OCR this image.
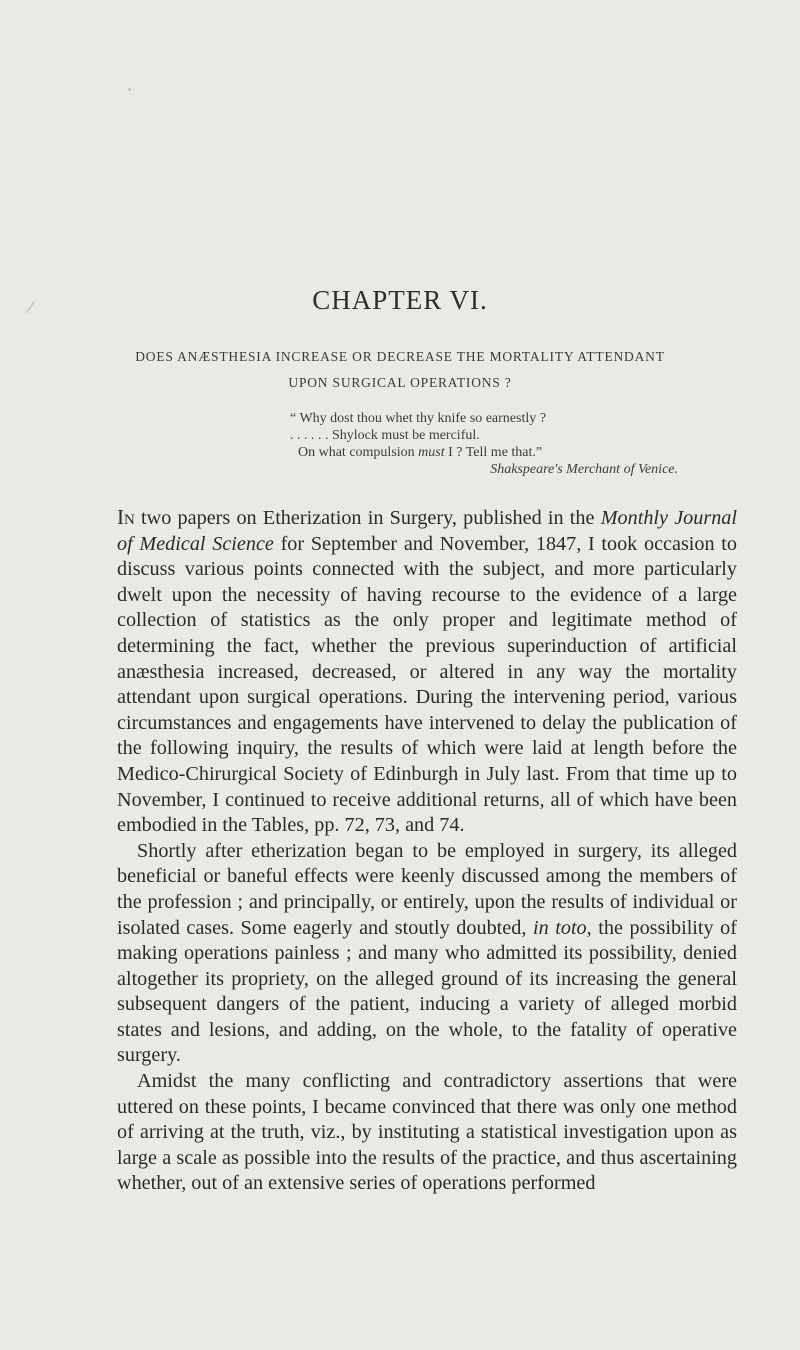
CHAPTER VI.
DOES ANÆSTHESIA INCREASE OR DECREASE THE MORTALITY ATTENDANT
UPON SURGICAL OPERATIONS ?
“ Why dost thou whet thy knife so earnestly ?
. . . . . . Shylock must be merciful.
On what compulsion must I ? Tell me that.”
Shakspeare's Merchant of Venice.

In two papers on Etherization in Surgery, published in the Monthly Journal of Medical Science for September and November, 1847, I took occasion to discuss various points connected with the subject, and more particularly dwelt upon the necessity of having recourse to the evidence of a large collection of statistics as the only proper and legitimate method of determining the fact, whether the previous superinduction of artificial anæsthesia increased, decreased, or altered in any way the mortality attendant upon surgical operations. During the intervening period, various circumstances and engagements have intervened to delay the publication of the following inquiry, the results of which were laid at length before the Medico-Chirurgical Society of Edinburgh in July last. From that time up to November, I continued to receive additional returns, all of which have been embodied in the Tables, pp. 72, 73, and 74.

Shortly after etherization began to be employed in surgery, its alleged beneficial or baneful effects were keenly discussed among the members of the profession ; and principally, or entirely, upon the results of individual or isolated cases. Some eagerly and stoutly doubted, in toto, the possibility of making operations painless ; and many who admitted its possibility, denied altogether its propriety, on the alleged ground of its increasing the general subsequent dangers of the patient, inducing a variety of alleged morbid states and lesions, and adding, on the whole, to the fatality of operative surgery.

Amidst the many conflicting and contradictory assertions that were uttered on these points, I became convinced that there was only one method of arriving at the truth, viz., by instituting a statistical investigation upon as large a scale as possible into the results of the practice, and thus ascertaining whether, out of an extensive series of operations performed
